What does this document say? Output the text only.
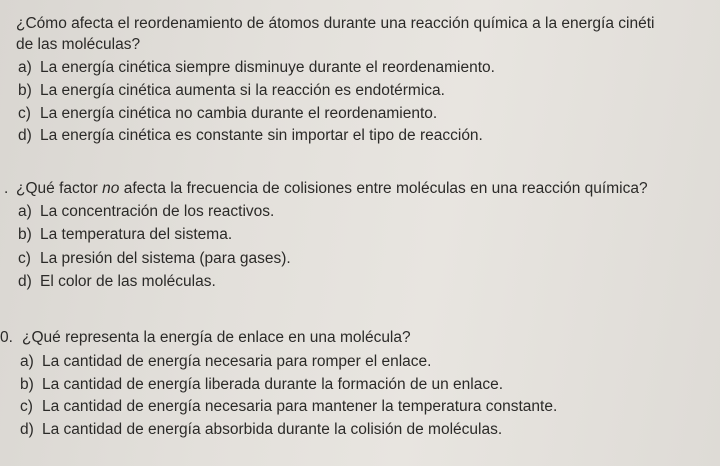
¿Cómo afecta el reordenamiento de átomos durante una reacción química a la energía cinéti
de las moléculas?
a) La energía cinética siempre disminuye durante el reordenamiento.
b) La energía cinética aumenta si la reacción es endotérmica.
c) La energía cinética no cambia durante el reordenamiento.
d) La energía cinética es constante sin importar el tipo de reacción.
. ¿Qué factor no afecta la frecuencia de colisiones entre moléculas en una reacción química?
a) La concentración de los reactivos.
b) La temperatura del sistema.
c) La presión del sistema (para gases).
d) El color de las moléculas.
0. ¿Qué representa la energía de enlace en una molécula?
a) La cantidad de energía necesaria para romper el enlace.
b) La cantidad de energía liberada durante la formación de un enlace.
c) La cantidad de energía necesaria para mantener la temperatura constante.
d) La cantidad de energía absorbida durante la colisión de moléculas.
